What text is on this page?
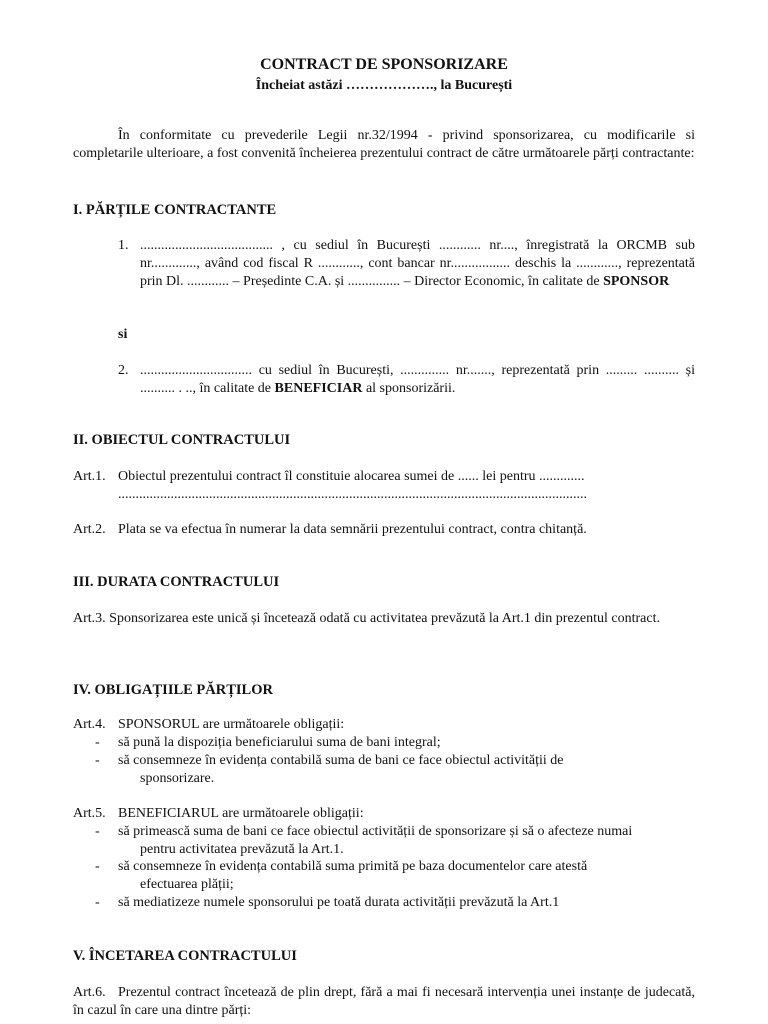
CONTRACT DE SPONSORIZARE
Încheiat astăzi ………………., la București
În conformitate cu prevederile Legii nr.32/1994 - privind sponsorizarea, cu modificarile si completarile ulterioare, a fost convenită încheierea prezentului contract de către următoarele părți contractante:
I. PĂRȚILE CONTRACTANTE
1. ...................................... , cu sediul în București ............ nr...., înregistrată la ORCMB sub nr............., având cod fiscal R ............, cont bancar nr................. deschis la ............, reprezentată prin Dl. ............ – Președinte C.A. și ............... – Director Economic, în calitate de SPONSOR
si
2. ................................ cu sediul în București, .............. nr......., reprezentată prin ......... .......... și .......... . .., în calitate de BENEFICIAR al sponsorizării.
II. OBIECTUL CONTRACTULUI
Art.1. Obiectul prezentului contract îl constituie alocarea sumei de ...... lei pentru .............
......................................................................................................................................
Art.2. Plata se va efectua în numerar la data semnării prezentului contract, contra chitanță.
III. DURATA CONTRACTULUI
Art.3. Sponsorizarea este unică și încetează odată cu activitatea prevăzută la Art.1 din prezentul contract.
IV. OBLIGAȚIILE PĂRȚILOR
Art.4. SPONSORUL are următoarele obligații:
- să pună la dispoziția beneficiarului suma de bani integral;
- să consemneze în evidența contabilă suma de bani ce face obiectul activității de
sponsorizare.
Art.5. BENEFICIARUL are următoarele obligații:
- să primească suma de bani ce face obiectul activității de sponsorizare și să o afecteze numai
pentru activitatea prevăzută la Art.1.
- să consemneze în evidența contabilă suma primită pe baza documentelor care atestă
efectuarea plății;
- să mediatizeze numele sponsorului pe toată durata activității prevăzută la Art.1
V. ÎNCETAREA CONTRACTULUI
Art.6. Prezentul contract încetează de plin drept, fără a mai fi necesară intervenția unei instanțe de judecată, în cazul în care una dintre părți:
